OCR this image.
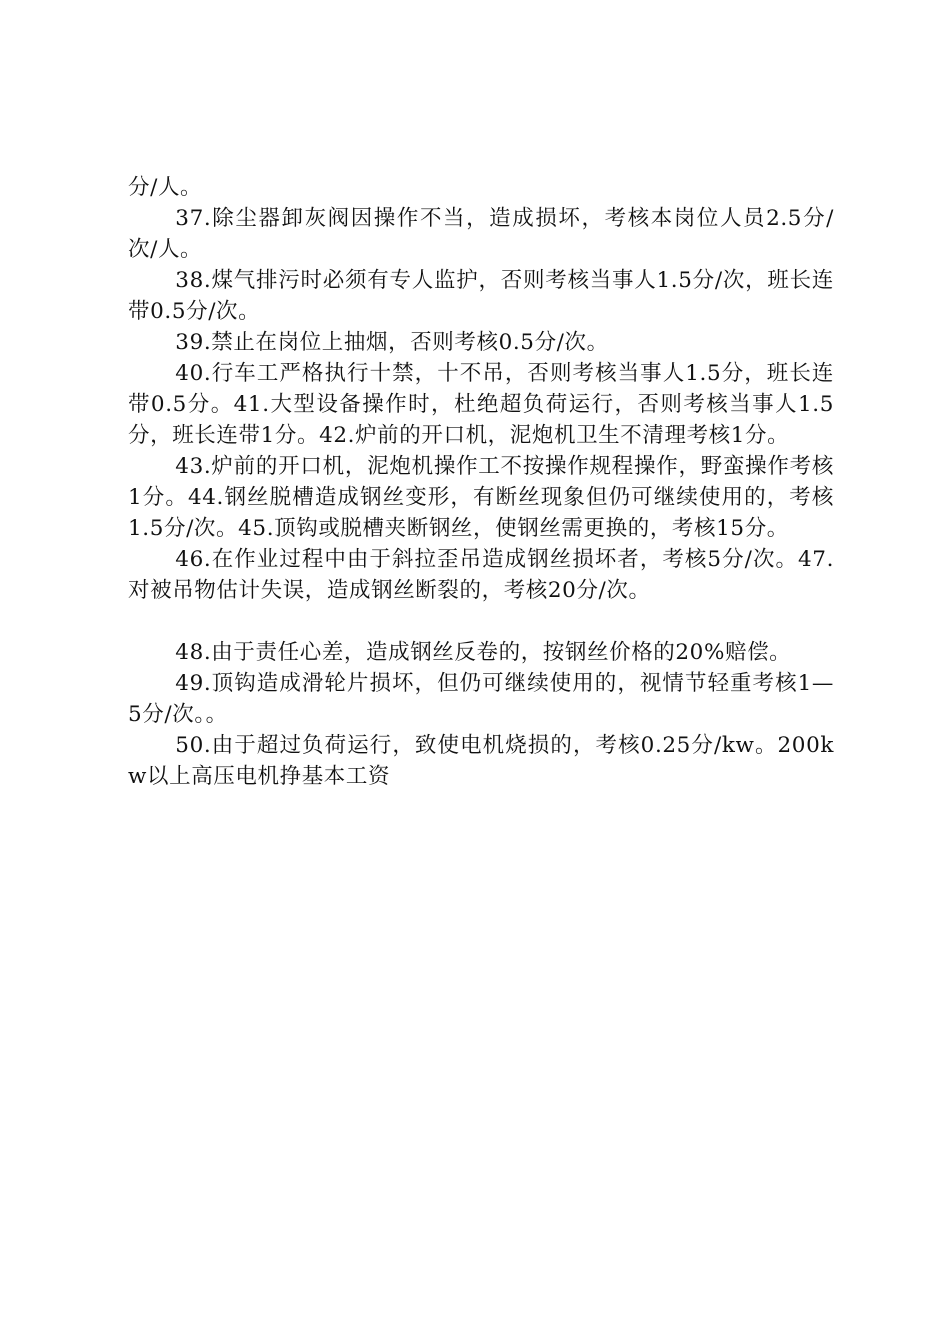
分/人。

37.除尘器卸灰阀因操作不当，造成损坏，考核本岗位人员2.5分/次/人。

38.煤气排污时必须有专人监护，否则考核当事人1.5分/次，班长连带0.5分/次。

39.禁止在岗位上抽烟，否则考核0.5分/次。

40.行车工严格执行十禁，十不吊，否则考核当事人1.5分，班长连带0.5分。41.大型设备操作时，杜绝超负荷运行，否则考核当事人1.5分，班长连带1分。42.炉前的开口机，泥炮机卫生不清理考核1分。

43.炉前的开口机，泥炮机操作工不按操作规程操作，野蛮操作考核1分。44.钢丝脱槽造成钢丝变形，有断丝现象但仍可继续使用的，考核1.5分/次。45.顶钩或脱槽夹断钢丝，使钢丝需更换的，考核15分。

46.在作业过程中由于斜拉歪吊造成钢丝损坏者，考核5分/次。47.对被吊物估计失误，造成钢丝断裂的，考核20分/次。

48.由于责任心差，造成钢丝反卷的，按钢丝价格的20%赔偿。

49.顶钩造成滑轮片损坏，但仍可继续使用的，视情节轻重考核1—5分/次。。

50.由于超过负荷运行，致使电机烧损的，考核0.25分/kw。200kw以上高压电机挣基本工资
